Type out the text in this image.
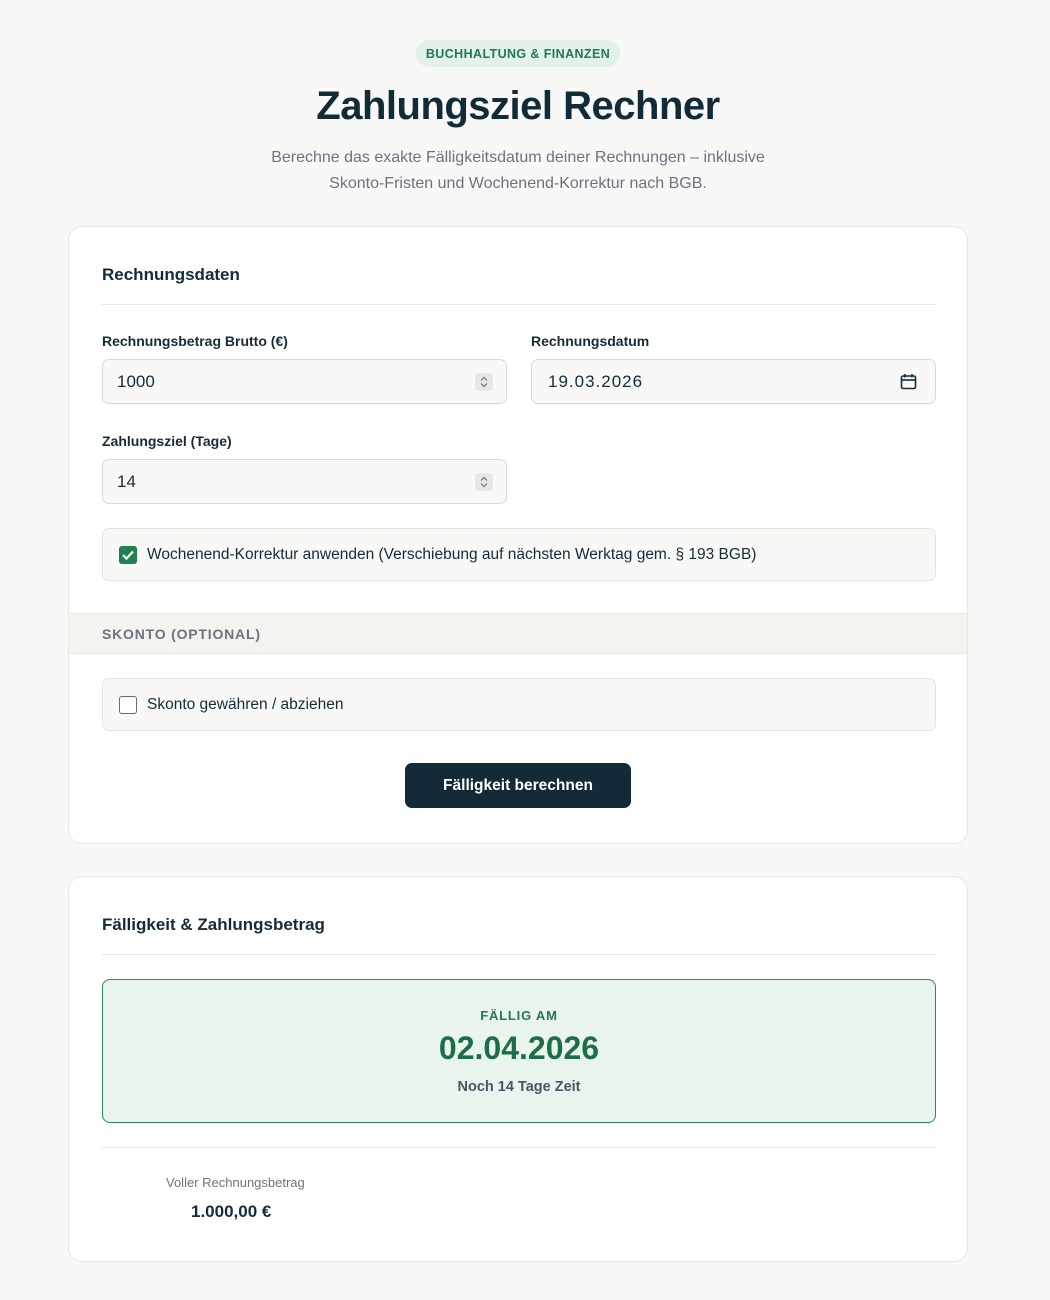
BUCHHALTUNG & FINANZEN
Zahlungsziel Rechner

Berechne das exakte Fälligkeitsdatum deiner Rechnungen – inklusive
Skonto-Fristen und Wochenend-Korrektur nach BGB.

Rechnungsdaten
Rechnungsbetrag Brutto (€)
1000
Rechnungsdatum
19.03.2026
Zahlungsziel (Tage)
14
Wochenend-Korrektur anwenden (Verschiebung auf nächsten Werktag gem. § 193 BGB)
SKONTO (OPTIONAL)
Skonto gewähren / abziehen
Fälligkeit berechnen
Fälligkeit & Zahlungsbetrag
FÄLLIG AM
02.04.2026
Noch 14 Tage Zeit
Voller Rechnungsbetrag
1.000,00 €
